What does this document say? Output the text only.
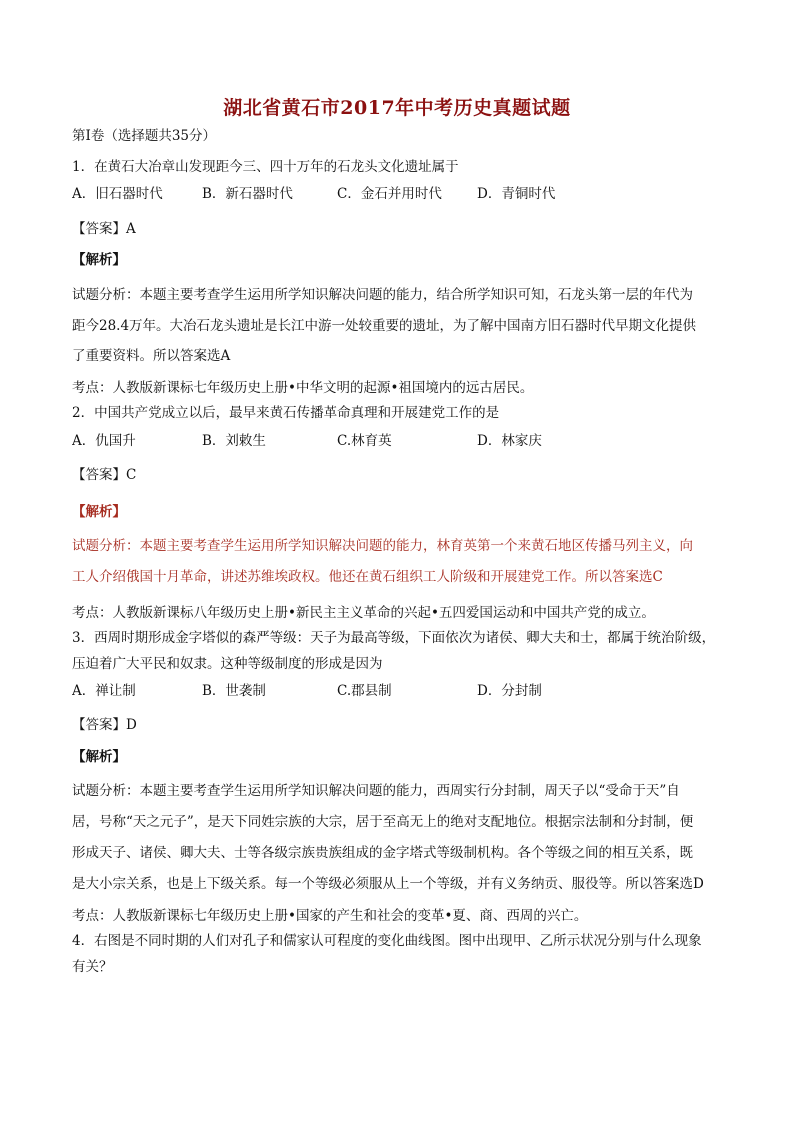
湖北省黄石市2017年中考历史真题试题
第Ⅰ卷（选择题共35分）
1．在黄石大冶章山发现距今三、四十万年的石龙头文化遗址属于
A．旧石器时代	B．新石器时代	C．金石并用时代	D．青铜时代
【答案】A
【解析】
试题分析：本题主要考查学生运用所学知识解决问题的能力，结合所学知识可知，石龙头第一层的年代为
距今28.4万年。大冶石龙头遗址是长江中游一处较重要的遗址，为了解中国南方旧石器时代早期文化提供
了重要资料。所以答案选A
考点：人教版新课标七年级历史上册•中华文明的起源•祖国境内的远古居民。
2．中国共产党成立以后，最早来黄石传播革命真理和开展建党工作的是
A．仇国升	B．刘敕生	C.林育英	D．林家庆
【答案】C
【解析】
试题分析：本题主要考查学生运用所学知识解决问题的能力，林育英第一个来黄石地区传播马列主义，向
工人介绍俄国十月革命，讲述苏维埃政权。他还在黄石组织工人阶级和开展建党工作。所以答案选C
考点：人教版新课标八年级历史上册•新民主主义革命的兴起•五四爱国运动和中国共产党的成立。
3．西周时期形成金字塔似的森严等级：天子为最高等级，下面依次为诸侯、卿大夫和士，都属于统治阶级，
压迫着广大平民和奴隶。这种等级制度的形成是因为
A．禅让制	B．世袭制	C.郡县制	D．分封制
【答案】D
【解析】
试题分析：本题主要考查学生运用所学知识解决问题的能力，西周实行分封制，周天子以“受命于天”自
居，号称“天之元子”，是天下同姓宗族的大宗，居于至高无上的绝对支配地位。根据宗法制和分封制，便
形成天子、诸侯、卿大夫、士等各级宗族贵族组成的金字塔式等级制机构。各个等级之间的相互关系，既
是大小宗关系，也是上下级关系。每一个等级必须服从上一个等级，并有义务纳贡、服役等。所以答案选D
考点：人教版新课标七年级历史上册•国家的产生和社会的变革•夏、商、西周的兴亡。
4．右图是不同时期的人们对孔子和儒家认可程度的变化曲线图。图中出现甲、乙所示状况分别与什么现象
有关？
